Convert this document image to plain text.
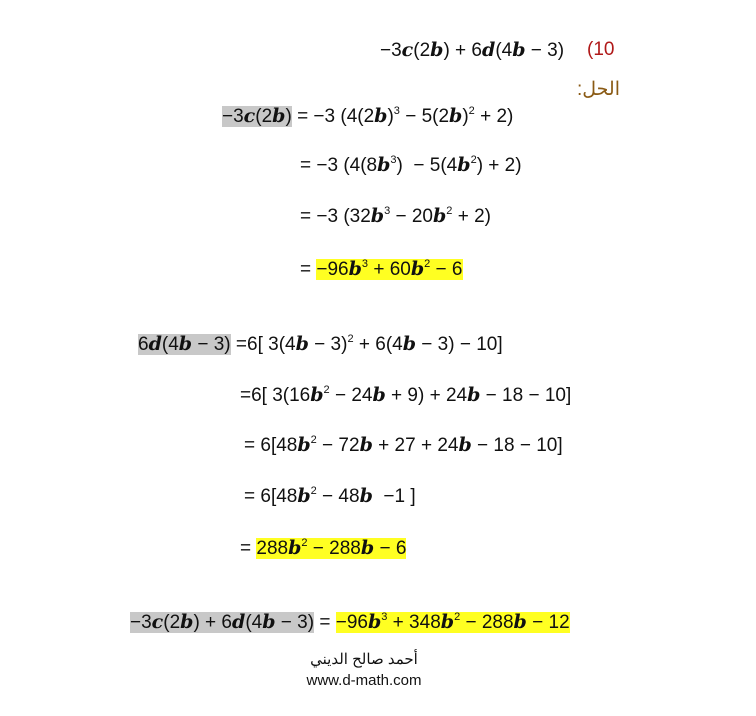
−3c(2b) + 6d(4b − 3) (10
الحل:
−3c(2b) = −3 $(4(2b)^3 - 5(2b)^2 + 2)$
= −3 $(4(8b^3) - 5(4b^2) + 2)$
= −3 $(32b^3 - 20b^2 + 2)$
= $-96b^3 + 60b^2 - 6$
6d(4b − 3) =6[ $3(4b - 3)^2 + 6(4b - 3) - 10$]
=6[ $3(16b^2 - 24b + 9) + 24b - 18 - 10$]
= $6[48b^2 - 72b + 27 + 24b - 18 - 10]$
= $6[48b^2 - 48b -1$ ]
= $288b^2 - 288b - 6$
$-3c(2b) + 6d(4b - 3) = -96b^3 + 348b^2 - 288b - 12$
أحمد صالح الديني
www.d-math.com
